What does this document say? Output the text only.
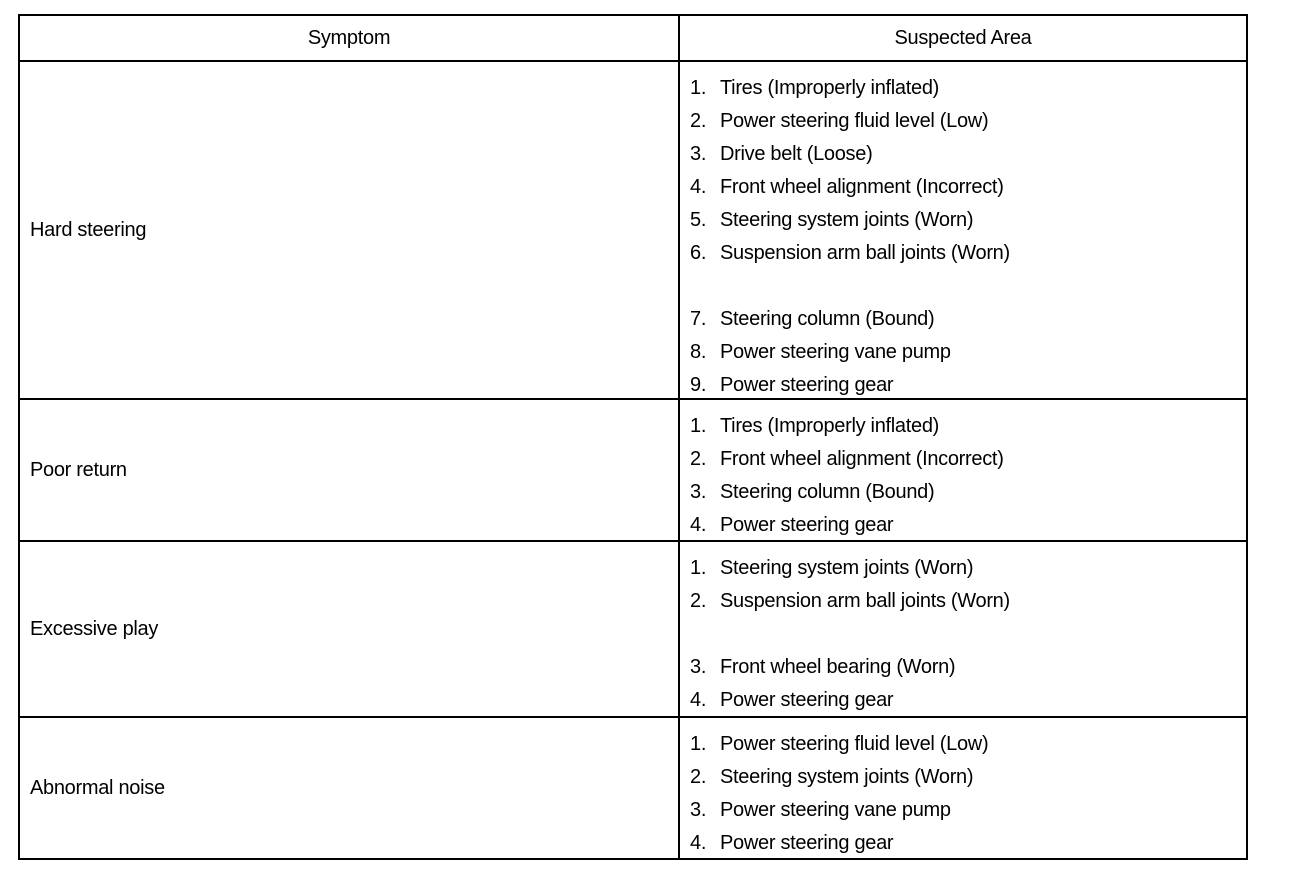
Symptom	Suspected Area
Hard steering
1. Tires (Improperly inflated)
2. Power steering fluid level (Low)
3. Drive belt (Loose)
4. Front wheel alignment (Incorrect)
5. Steering system joints (Worn)
6. Suspension arm ball joints (Worn)
7. Steering column (Bound)
8. Power steering vane pump
9. Power steering gear
Poor return
1. Tires (Improperly inflated)
2. Front wheel alignment (Incorrect)
3. Steering column (Bound)
4. Power steering gear
Excessive play
1. Steering system joints (Worn)
2. Suspension arm ball joints (Worn)
3. Front wheel bearing (Worn)
4. Power steering gear
Abnormal noise
1. Power steering fluid level (Low)
2. Steering system joints (Worn)
3. Power steering vane pump
4. Power steering gear
